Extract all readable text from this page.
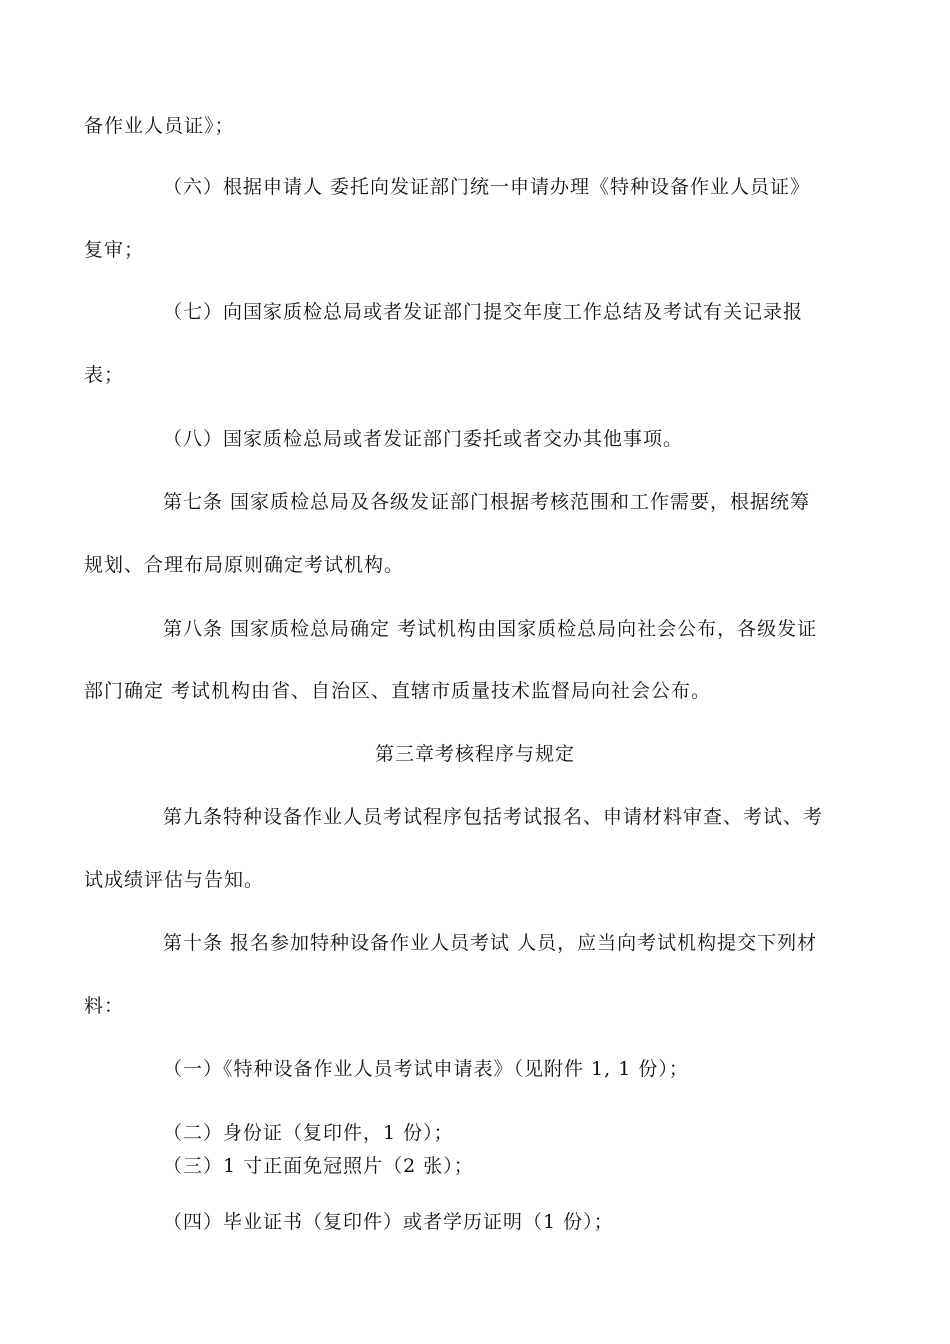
备作业人员证》；
（六）根据申请人 委托向发证部门统一申请办理《特种设备作业人员证》
复审；
（七）向国家质检总局或者发证部门提交年度工作总结及考试有关记录报
表；
（八）国家质检总局或者发证部门委托或者交办其他事项。
第七条 国家质检总局及各级发证部门根据考核范围和工作需要，根据统筹
规划、合理布局原则确定考试机构。
第八条 国家质检总局确定 考试机构由国家质检总局向社会公布，各级发证
部门确定 考试机构由省、自治区、直辖市质量技术监督局向社会公布。
第三章考核程序与规定
第九条特种设备作业人员考试程序包括考试报名、申请材料审查、考试、考
试成绩评估与告知。
第十条 报名参加特种设备作业人员考试 人员，应当向考试机构提交下列材
料：
（一）《特种设备作业人员考试申请表》（见附件 1, 1 份）；
（二）身份证（复印件，1 份）；
（三）1 寸正面免冠照片（2 张）；
（四）毕业证书（复印件）或者学历证明（1 份）；
